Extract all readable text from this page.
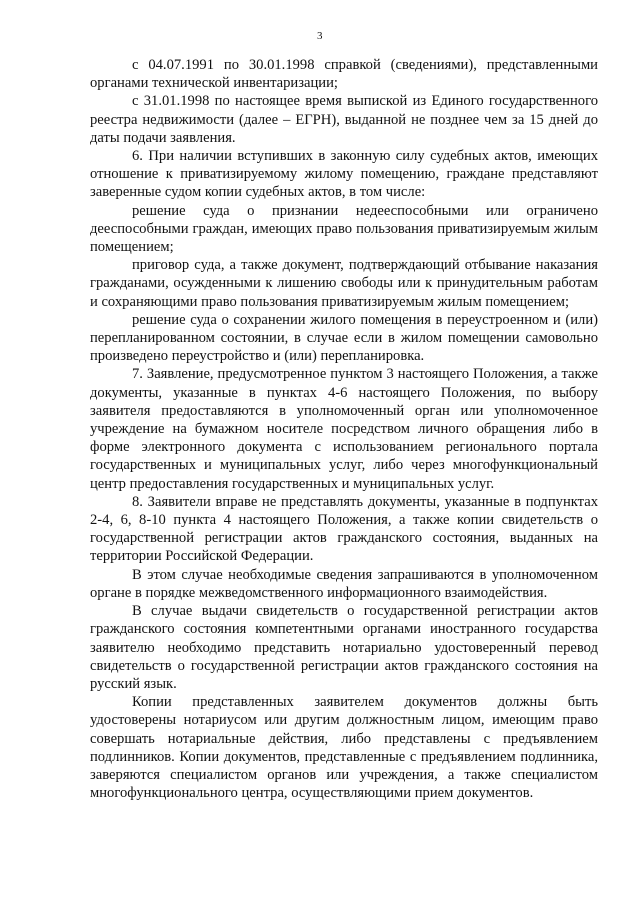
3

с 04.07.1991 по 30.01.1998 справкой (сведениями), представленными органами технической инвентаризации;

с 31.01.1998 по настоящее время выпиской из Единого государственного реестра недвижимости (далее – ЕГРН), выданной не позднее чем за 15 дней до даты подачи заявления.

6. При наличии вступивших в законную силу судебных актов, имеющих отношение к приватизируемому жилому помещению, граждане представляют заверенные судом копии судебных актов, в том числе:

решение суда о признании недееспособными или ограничено дееспособными граждан, имеющих право пользования приватизируемым жилым помещением;

приговор суда, а также документ, подтверждающий отбывание наказания гражданами, осужденными к лишению свободы или к принудительным работам и сохраняющими право пользования приватизируемым жилым помещением;

решение суда о сохранении жилого помещения в переустроенном и (или) перепланированном состоянии, в случае если в жилом помещении самовольно произведено переустройство и (или) перепланировка.

7. Заявление, предусмотренное пунктом 3 настоящего Положения, а также документы, указанные в пунктах 4-6 настоящего Положения, по выбору заявителя предоставляются в уполномоченный орган или уполномоченное учреждение на бумажном носителе посредством личного обращения либо в форме электронного документа с использованием регионального портала государственных и муниципальных услуг, либо через многофункциональный центр предоставления государственных и муниципальных услуг.

8. Заявители вправе не представлять документы, указанные в подпунктах 2-4, 6, 8-10 пункта 4 настоящего Положения, а также копии свидетельств о государственной регистрации актов гражданского состояния, выданных на территории Российской Федерации.

В этом случае необходимые сведения запрашиваются в уполномоченном органе в порядке межведомственного информационного взаимодействия.

В случае выдачи свидетельств о государственной регистрации актов гражданского состояния компетентными органами иностранного государства заявителю необходимо представить нотариально удостоверенный перевод свидетельств о государственной регистрации актов гражданского состояния на русский язык.

Копии представленных заявителем документов должны быть удостоверены нотариусом или другим должностным лицом, имеющим право совершать нотариальные действия, либо представлены с предъявлением подлинников. Копии документов, представленные с предъявлением подлинника, заверяются специалистом органов или учреждения, а также специалистом многофункционального центра, осуществляющими прием документов.
